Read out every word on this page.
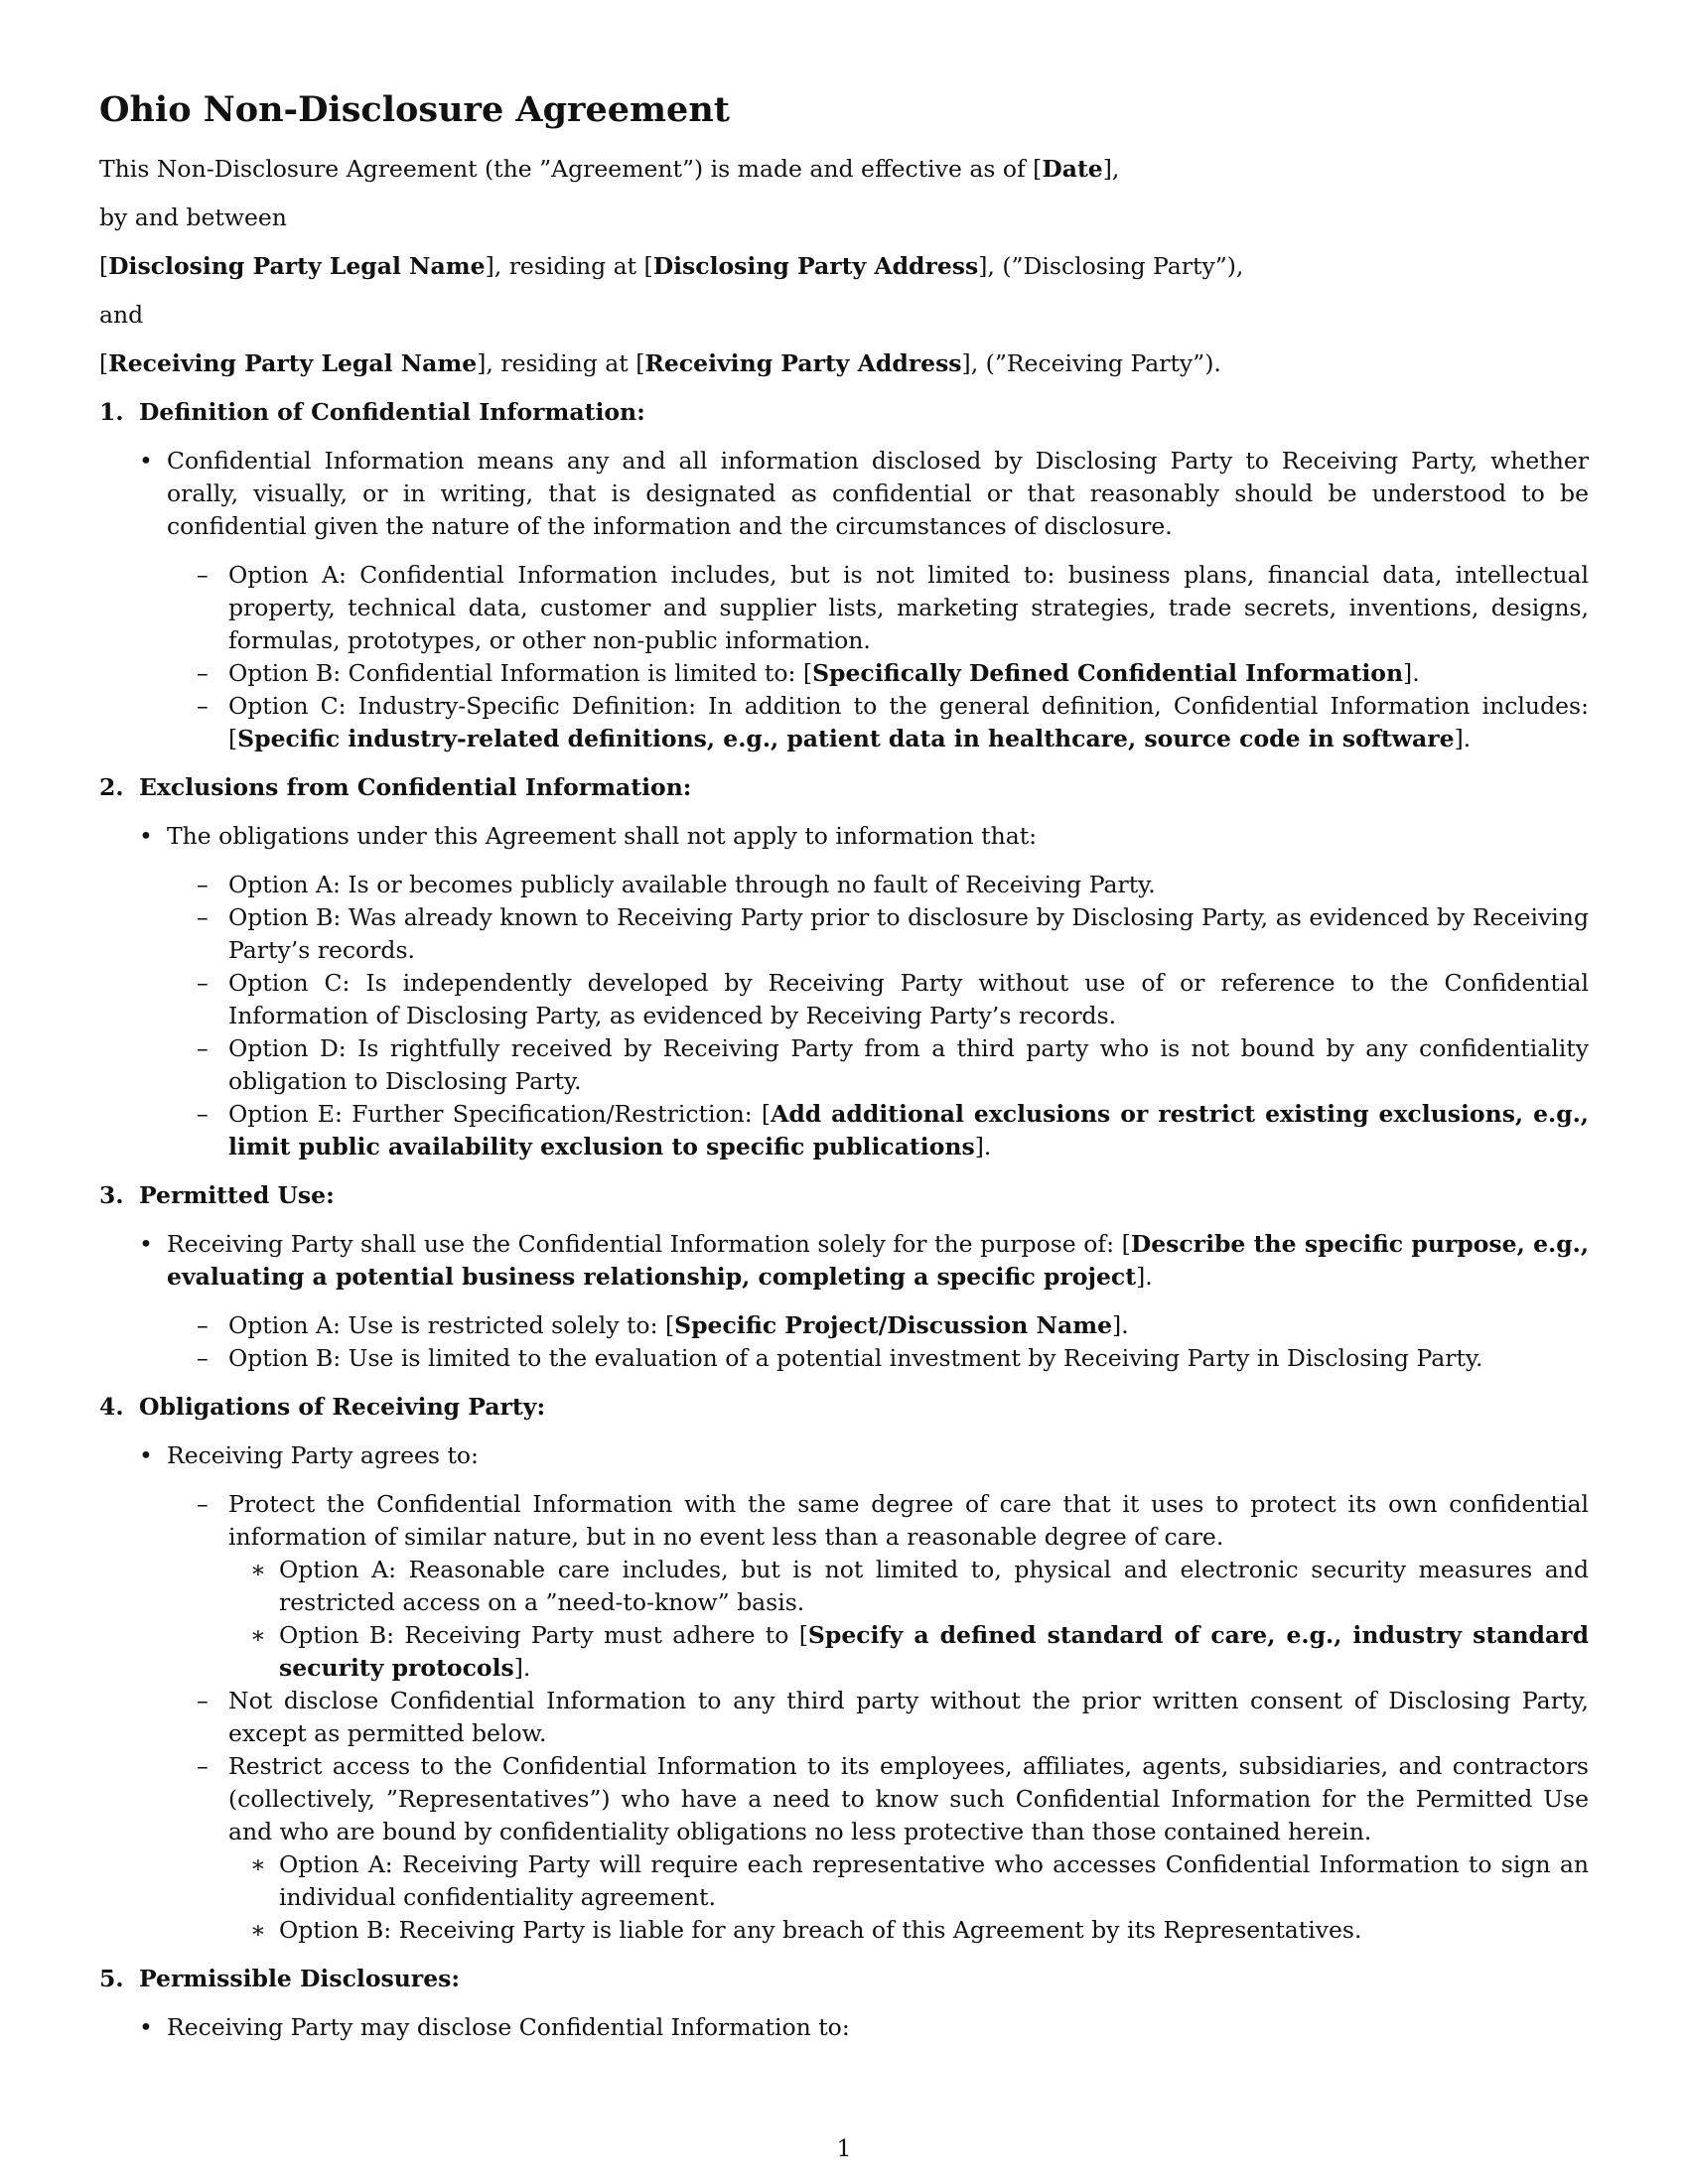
Ohio Non-Disclosure Agreement

This Non-Disclosure Agreement (the ”Agreement”) is made and effective as of [Date],

by and between

[Disclosing Party Legal Name], residing at [Disclosing Party Address], (”Disclosing Party”),

and

[Receiving Party Legal Name], residing at [Receiving Party Address], (”Receiving Party”).

1. Definition of Confidential Information:
• Confidential Information means any and all information disclosed by Disclosing Party to Receiving Party, whether orally, visually, or in writing, that is designated as confidential or that reasonably should be understood to be confidential given the nature of the information and the circumstances of disclosure.
– Option A: Confidential Information includes, but is not limited to: business plans, financial data, intellectual property, technical data, customer and supplier lists, marketing strategies, trade secrets, inventions, designs, formulas, prototypes, or other non-public information.
– Option B: Confidential Information is limited to: [Specifically Defined Confidential Information].
– Option C: Industry-Specific Definition: In addition to the general definition, Confidential Information includes: [Specific industry-related definitions, e.g., patient data in healthcare, source code in software].
2. Exclusions from Confidential Information:
• The obligations under this Agreement shall not apply to information that:
– Option A: Is or becomes publicly available through no fault of Receiving Party.
– Option B: Was already known to Receiving Party prior to disclosure by Disclosing Party, as evidenced by Receiving Party’s records.
– Option C: Is independently developed by Receiving Party without use of or reference to the Confidential Information of Disclosing Party, as evidenced by Receiving Party’s records.
– Option D: Is rightfully received by Receiving Party from a third party who is not bound by any confidentiality obligation to Disclosing Party.
– Option E: Further Specification/Restriction: [Add additional exclusions or restrict existing exclusions, e.g., limit public availability exclusion to specific publications].
3. Permitted Use:
• Receiving Party shall use the Confidential Information solely for the purpose of: [Describe the specific purpose, e.g., evaluating a potential business relationship, completing a specific project].
– Option A: Use is restricted solely to: [Specific Project/Discussion Name].
– Option B: Use is limited to the evaluation of a potential investment by Receiving Party in Disclosing Party.
4. Obligations of Receiving Party:
• Receiving Party agrees to:
– Protect the Confidential Information with the same degree of care that it uses to protect its own confidential information of similar nature, but in no event less than a reasonable degree of care.
∗ Option A: Reasonable care includes, but is not limited to, physical and electronic security measures and restricted access on a ”need-to-know” basis.
∗ Option B: Receiving Party must adhere to [Specify a defined standard of care, e.g., industry standard security protocols].
– Not disclose Confidential Information to any third party without the prior written consent of Disclosing Party, except as permitted below.
– Restrict access to the Confidential Information to its employees, affiliates, agents, subsidiaries, and contractors (collectively, ”Representatives”) who have a need to know such Confidential Information for the Permitted Use and who are bound by confidentiality obligations no less protective than those contained herein.
∗ Option A: Receiving Party will require each representative who accesses Confidential Information to sign an individual confidentiality agreement.
∗ Option B: Receiving Party is liable for any breach of this Agreement by its Representatives.
5. Permissible Disclosures:
• Receiving Party may disclose Confidential Information to:
1
